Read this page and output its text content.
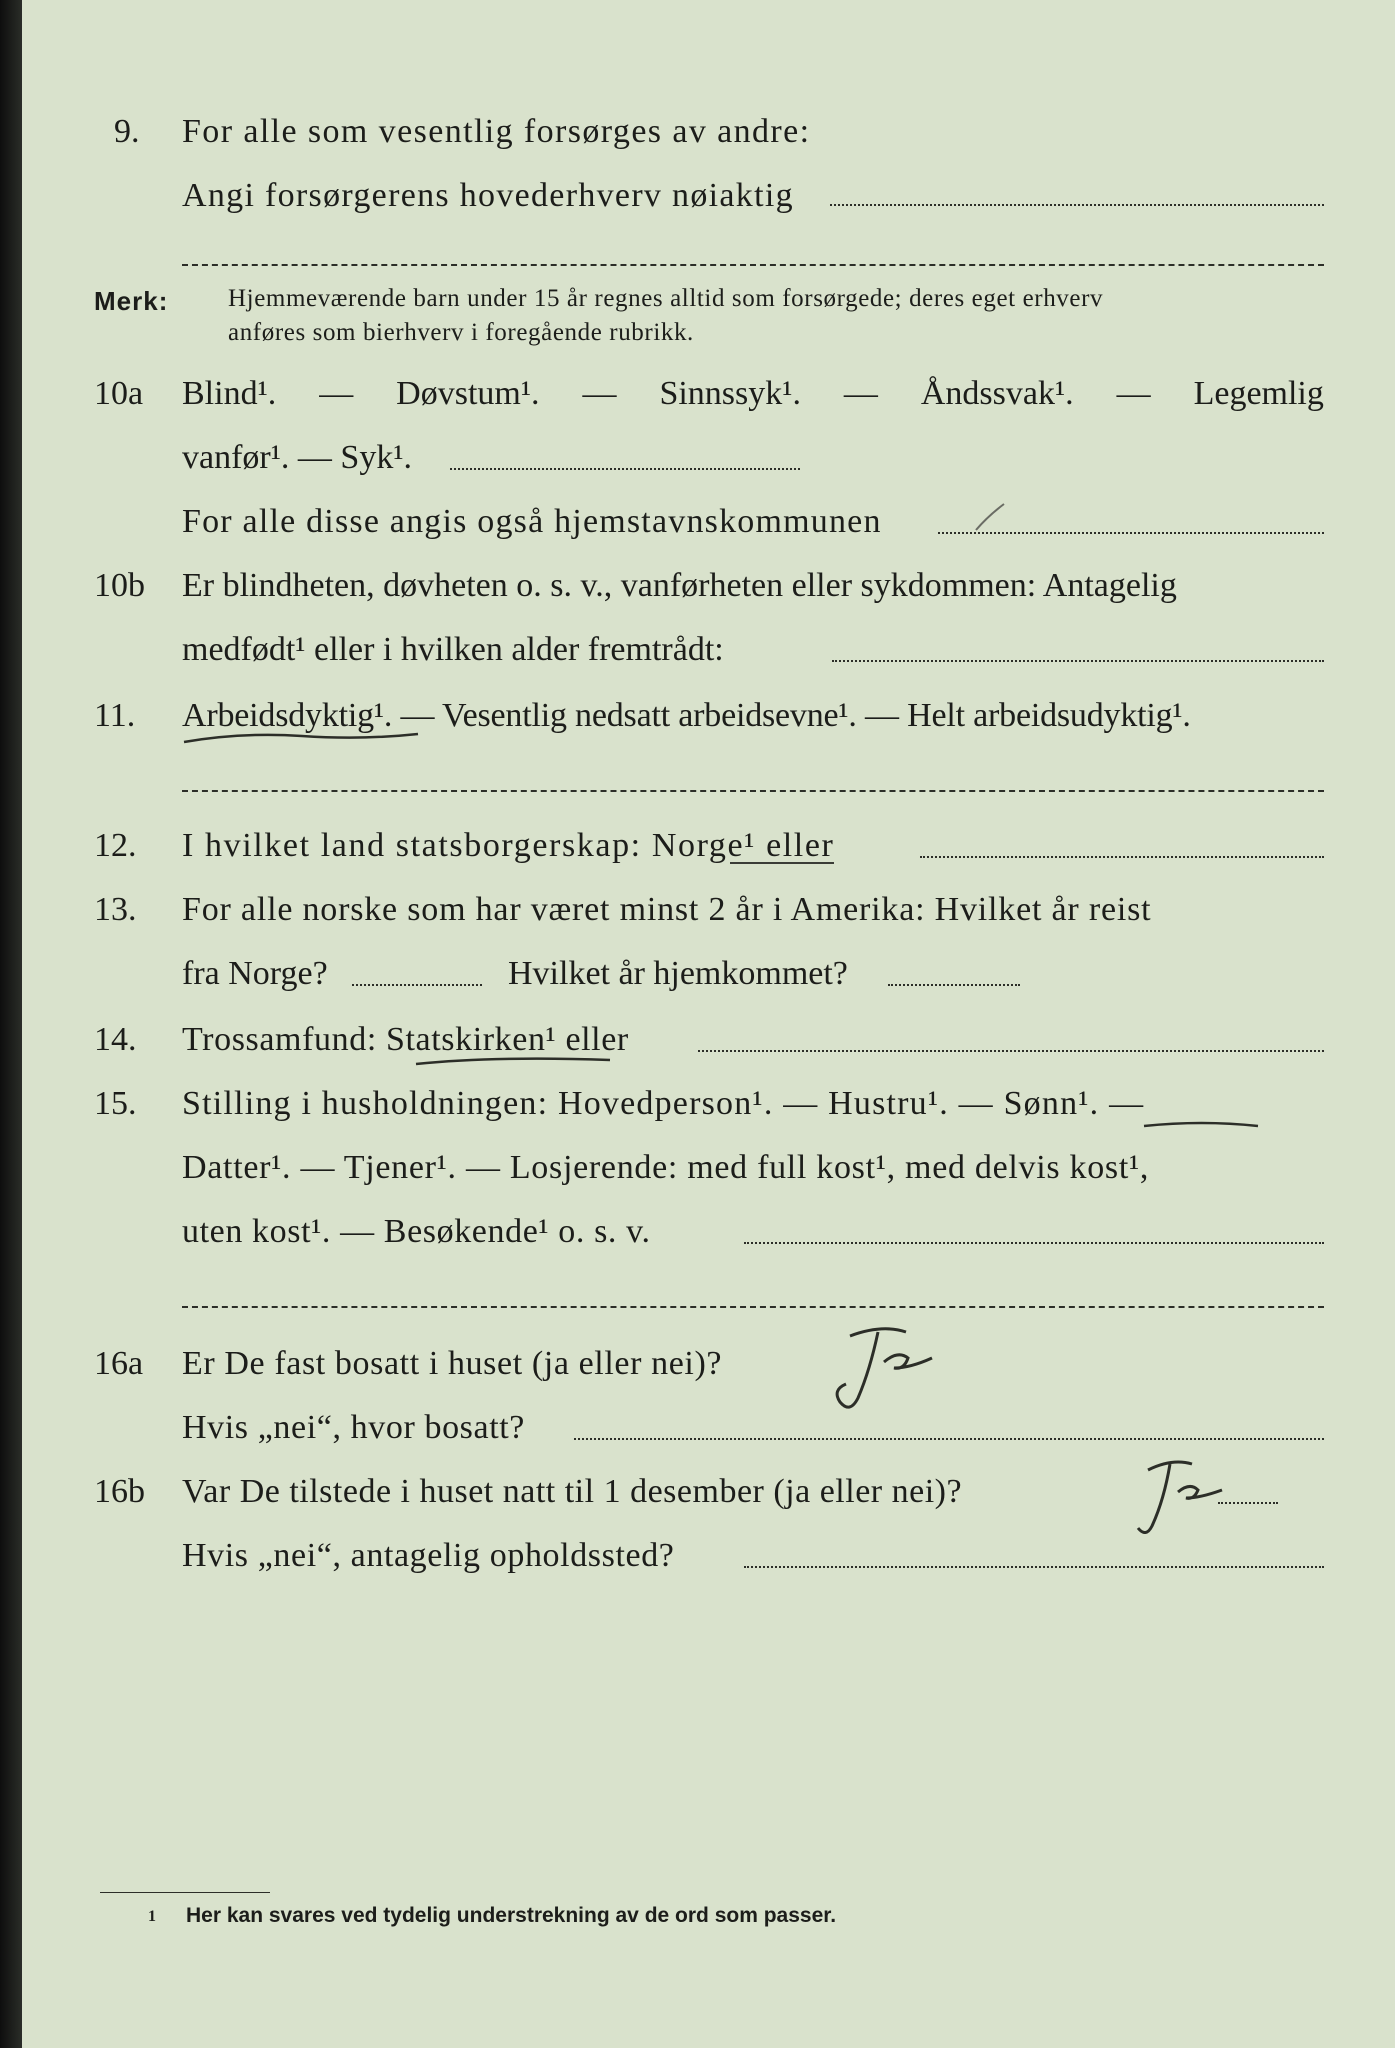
9. For alle som vesentlig forsørges av andre:
Angi forsørgerens hovederhverv nøiaktig
Merk: Hjemmeværende barn under 15 år regnes alltid som forsørgede; deres eget erhverv
anføres som bierhverv i foregående rubrikk.
10a Blind¹. — Døvstum¹. — Sinnssyk¹. — Åndssvak¹. — Legemlig
vanfør¹. — Syk¹.
For alle disse angis også hjemstavnskommunen
10b Er blindheten, døvheten o. s. v., vanførheten eller sykdommen: Antagelig
medfødt¹ eller i hvilken alder fremtrådt:
11. Arbeidsdyktig¹. — Vesentlig nedsatt arbeidsevne¹. — Helt arbeidsudyktig¹.
12. I hvilket land statsborgerskap: Norge¹ eller
13. For alle norske som har været minst 2 år i Amerika: Hvilket år reist
fra Norge?	Hvilket år hjemkommet?
14. Trossamfund: Statskirken¹ eller
15. Stilling i husholdningen: Hovedperson¹. — Hustru¹. — Sønn¹. —
Datter¹. — Tjener¹. — Losjerende: med full kost¹, med delvis kost¹,
uten kost¹. — Besøkende¹ o. s. v.
16a Er De fast bosatt i huset (ja eller nei)?
Hvis „nei“, hvor bosatt?
16b Var De tilstede i huset natt til 1 desember (ja eller nei)?
Hvis „nei“, antagelig opholdssted?
1 Her kan svares ved tydelig understrekning av de ord som passer.
